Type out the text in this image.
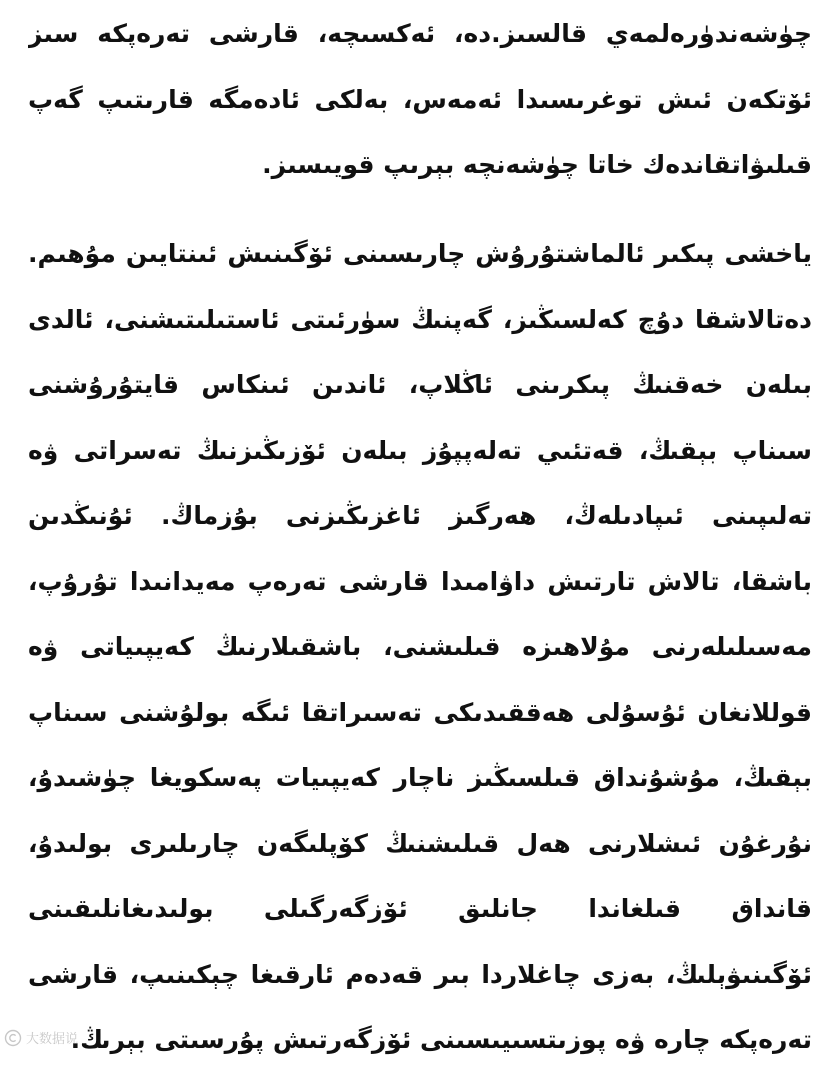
چۈشەندۈرەلمەي قالسىز.دە، ئەكسىچە، قارشى تەرەپكە سىز
ئۆتكەن ئىش توغرىسىدا ئەمەس، بەلكى ئادەمگە قارىتىپ گەپ
قىلىۋاتقاندەك خاتا چۈشەنچە بېرىپ قويىسىز.
ياخشى پىكىر ئالماشتۇرۇش چارىسىنى ئۆگىنىش ئىنتايىن مۇھىم.
دەتالاشقا دۇچ كەلسىڭىز، گەپنىڭ سۈرئىتى ئاستىلىتىشنى، ئالدى
بىلەن خەقنىڭ پىكرىنى ئاڭلاپ، ئاندىن ئىنكاس قايتۇرۇشنى
سىناپ بېقىڭ، قەتئىي تەلەپپۇز بىلەن ئۆزىڭىزنىڭ تەسراتى ۋە
تەلىپىنى ئىپادىلەڭ، ھەرگىز ئاغزىڭىزنى بۇزماڭ. ئۇنىڭدىن
باشقا، تالاش تارتىش داۋامىدا قارشى تەرەپ مەيدانىدا تۇرۇپ،
مەسىلىلەرنى مۇلاھىزە قىلىشنى، باشقىلارنىڭ كەيپىياتى ۋە
قوللانغان ئۇسۇلى ھەققىدىكى تەسىراتقا ئىگە بولۇشنى سىناپ
بېقىڭ، مۇشۇنداق قىلسىڭىز ناچار كەيپىيات پەسكويغا چۈشىدۇ،
نۇرغۇن ئىشلارنى ھەل قىلىشنىڭ كۆپلىگەن چارىلىرى بولىدۇ،
قانداق قىلغاندا جانلىق ئۆزگەرگىلى بولىدىغانلىقىنى
ئۆگىنىۋېلىڭ، بەزى چاغلاردا بىر قەدەم ئارقىغا چېكىنىپ، قارشى
تەرەپكە چارە ۋە پوزىتسىيىسىنى ئۆزگەرتىش پۇرسىتى بېرىڭ.
大数据说
